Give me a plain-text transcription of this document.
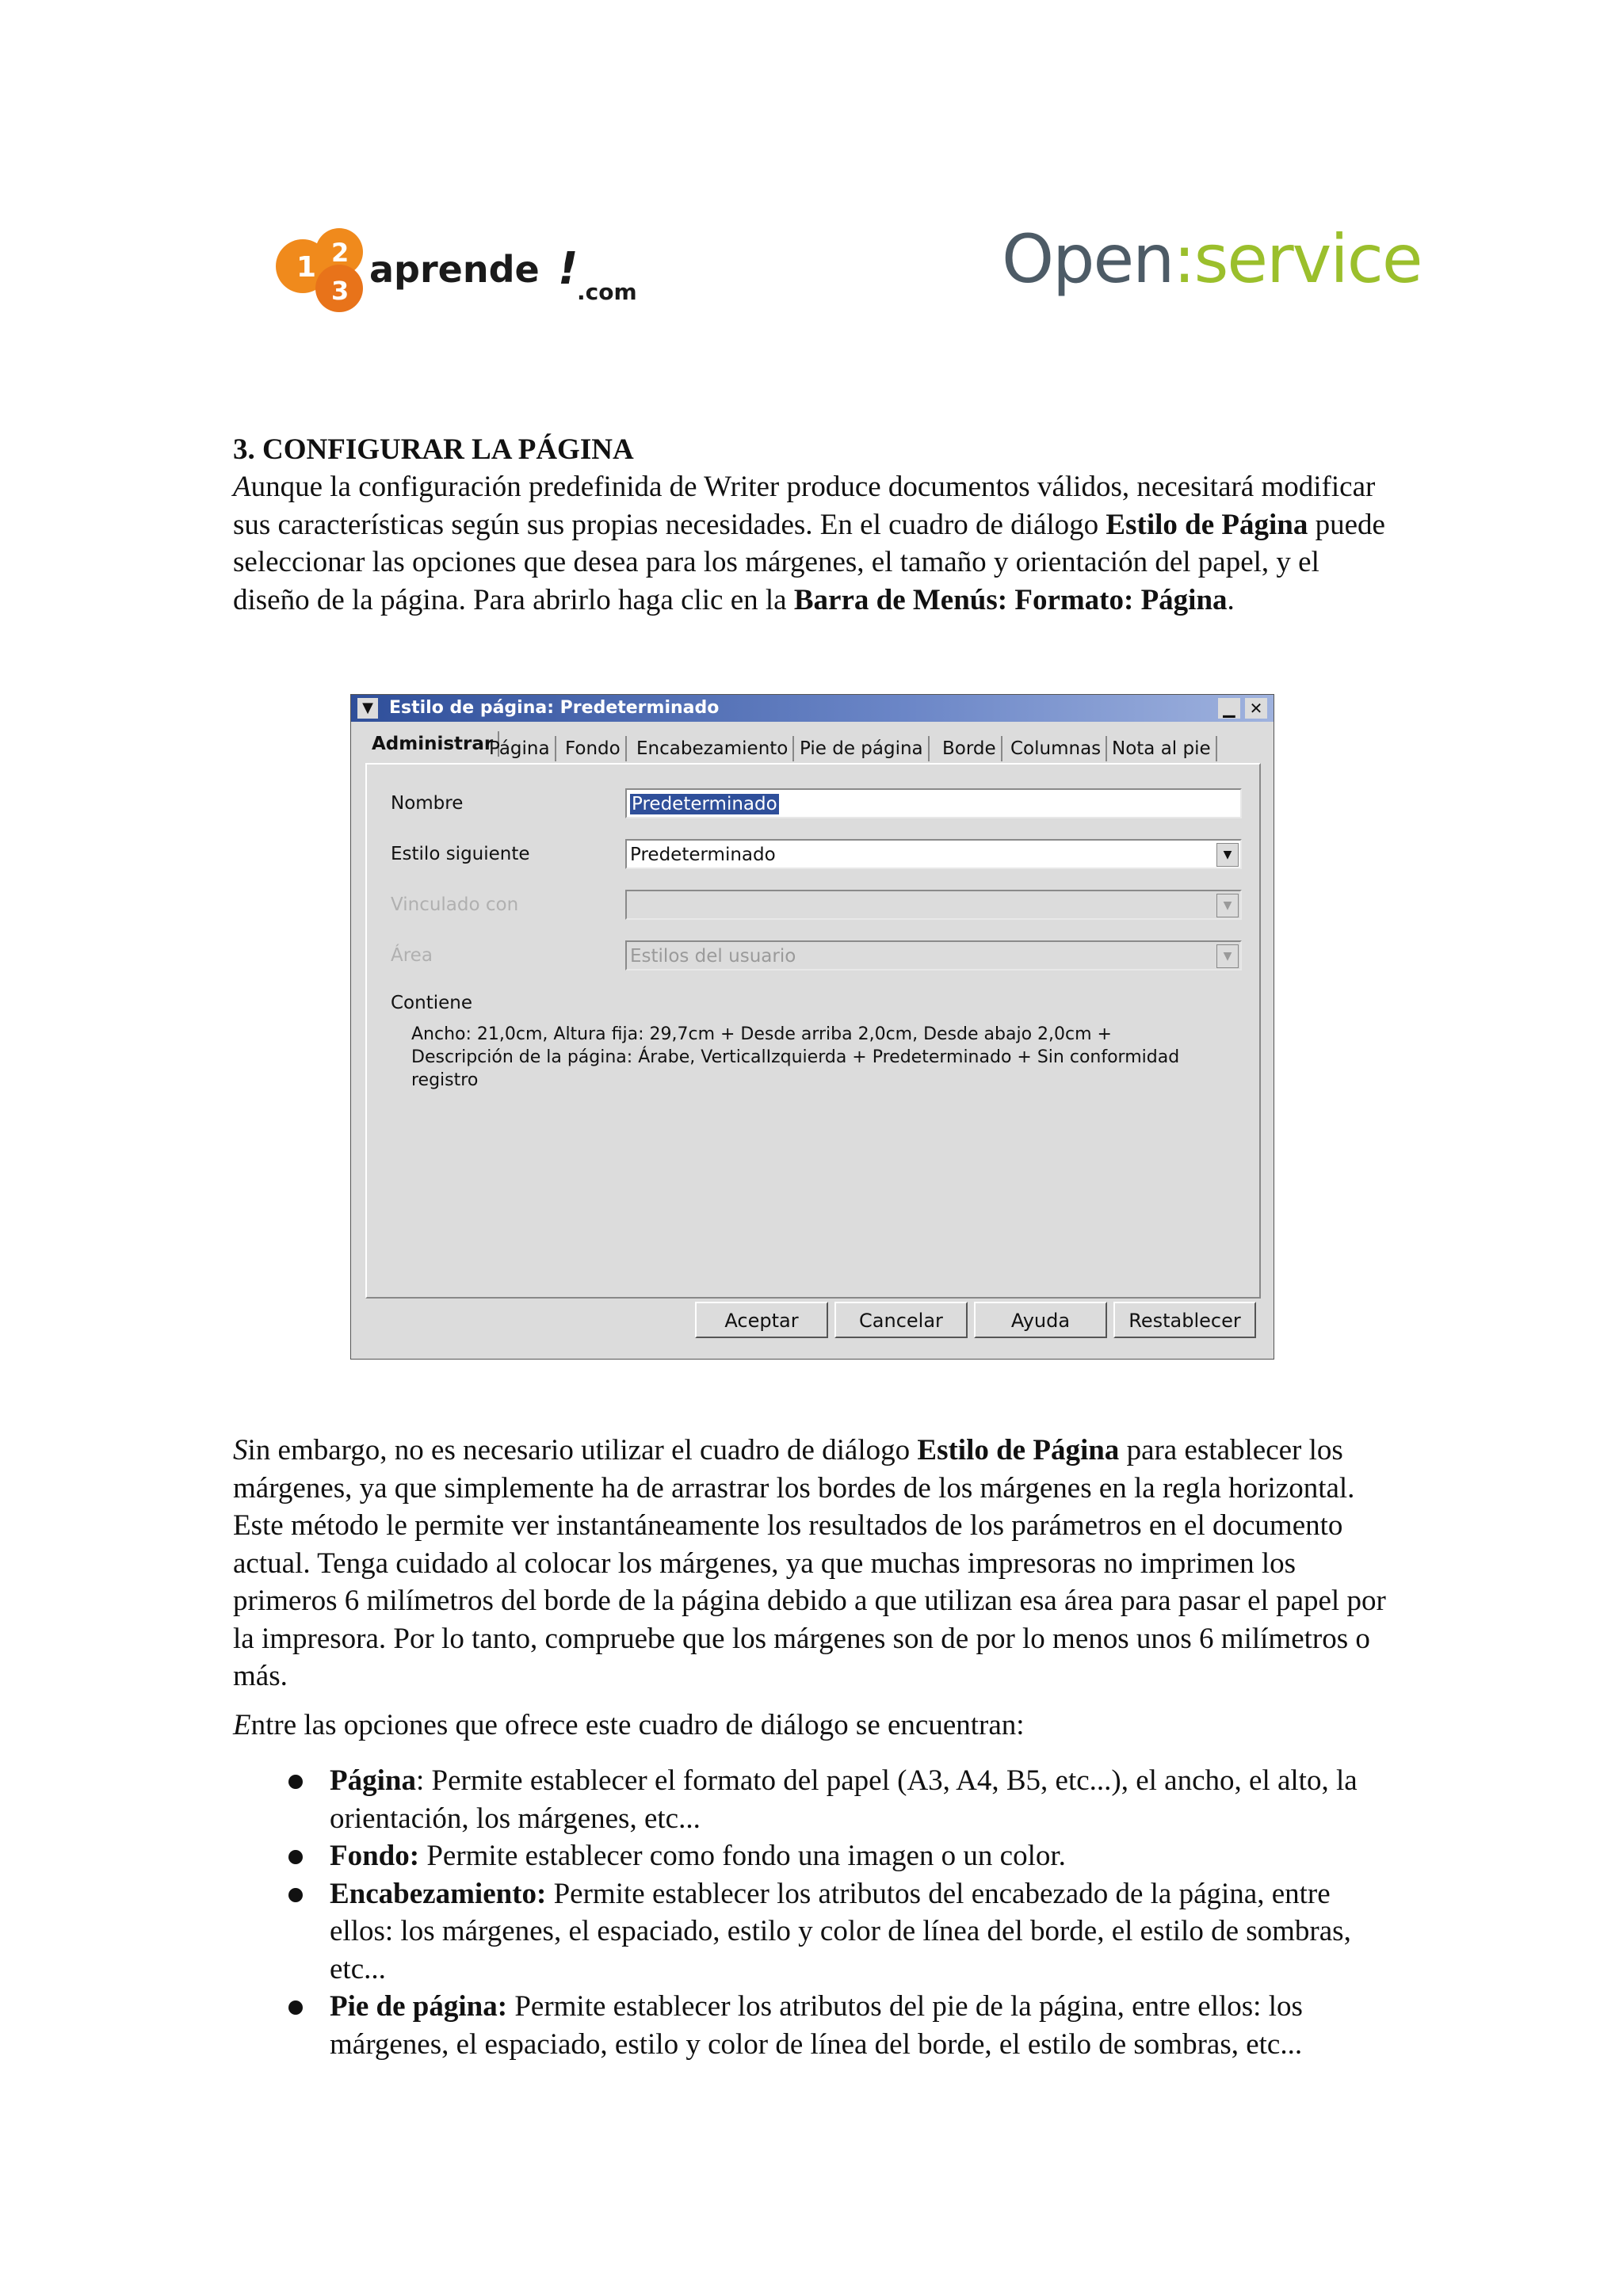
1 2
3 aprende !
.com	Open:service
3. CONFIGURAR LA PÁGINA
Aunque la configuración predefinida de Writer produce documentos válidos, necesitará modificar sus características según sus propias necesidades. En el cuadro de diálogo Estilo de Página puede seleccionar las opciones que desea para los márgenes, el tamaño y orientación del papel, y el diseño de la página. Para abrirlo haga clic en la Barra de Menús: Formato: Página.
▼ Estilo de página: Predeterminado	▁ ✕
Administrar
Página Fondo Encabezamiento Pie de página	Borde Columnas Nota al pie
Nombre	Predeterminado
Estilo siguiente	Predeterminado	▼
Vinculado con	▼
Área	Estilos del usuario	▼
Contiene
Ancho: 21,0cm, Altura fija: 29,7cm + Desde arriba 2,0cm, Desde abajo 2,0cm + Descripción de la página: Árabe, VerticalIzquierda + Predeterminado + Sin conformidad registro
Aceptar	Cancelar	Ayuda	Restablecer
Sin embargo, no es necesario utilizar el cuadro de diálogo Estilo de Página para establecer los márgenes, ya que simplemente ha de arrastrar los bordes de los márgenes en la regla horizontal. Este método le permite ver instantáneamente los resultados de los parámetros en el documento actual. Tenga cuidado al colocar los márgenes, ya que muchas impresoras no imprimen los primeros 6 milímetros del borde de la página debido a que utilizan esa área para pasar el papel por la impresora. Por lo tanto, compruebe que los márgenes son de por lo menos unos 6 milímetros o más.
Entre las opciones que ofrece este cuadro de diálogo se encuentran:
Página: Permite establecer el formato del papel (A3, A4, B5, etc...), el ancho, el alto, la orientación, los márgenes, etc...
Fondo: Permite establecer como fondo una imagen o un color.
Encabezamiento: Permite establecer los atributos del encabezado de la página, entre ellos: los márgenes, el espaciado, estilo y color de línea del borde, el estilo de sombras, etc...
Pie de página: Permite establecer los atributos del pie de la página, entre ellos: los márgenes, el espaciado, estilo y color de línea del borde, el estilo de sombras, etc...
